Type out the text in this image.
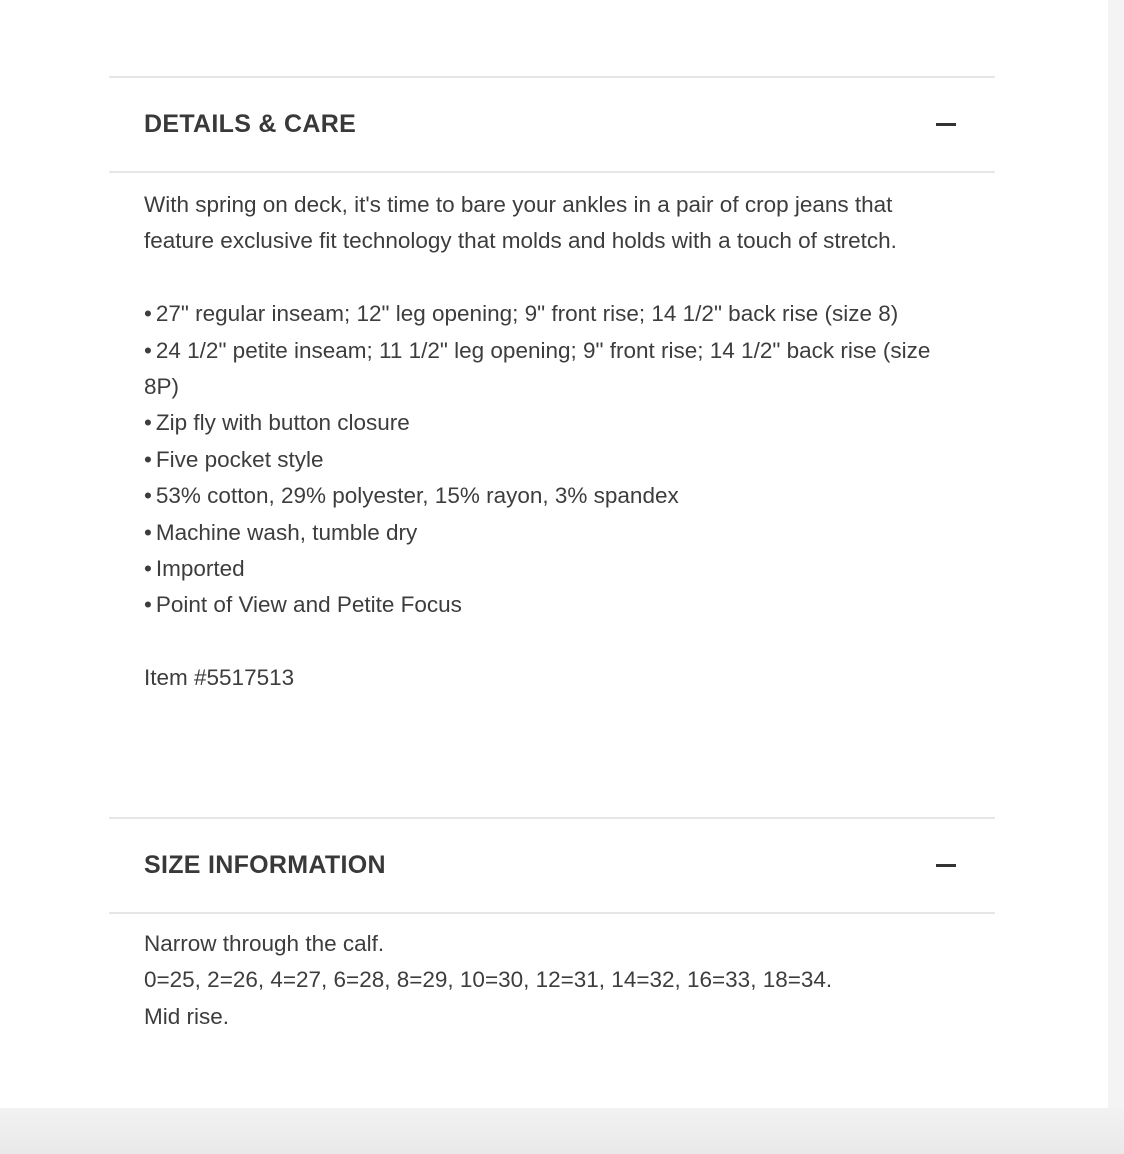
DETAILS & CARE

With spring on deck, it's time to bare your ankles in a pair of crop jeans that feature exclusive fit technology that molds and holds with a touch of stretch.

• 27" regular inseam; 12" leg opening; 9" front rise; 14 1/2" back rise (size 8)

• 24 1/2" petite inseam; 11 1/2" leg opening; 9" front rise; 14 1/2" back rise (size 8P)

• Zip fly with button closure

• Five pocket style

• 53% cotton, 29% polyester, 15% rayon, 3% spandex

• Machine wash, tumble dry

• Imported

• Point of View and Petite Focus

Item #5517513

SIZE INFORMATION

Narrow through the calf.

0=25, 2=26, 4=27, 6=28, 8=29, 10=30, 12=31, 14=32, 16=33, 18=34.

Mid rise.
